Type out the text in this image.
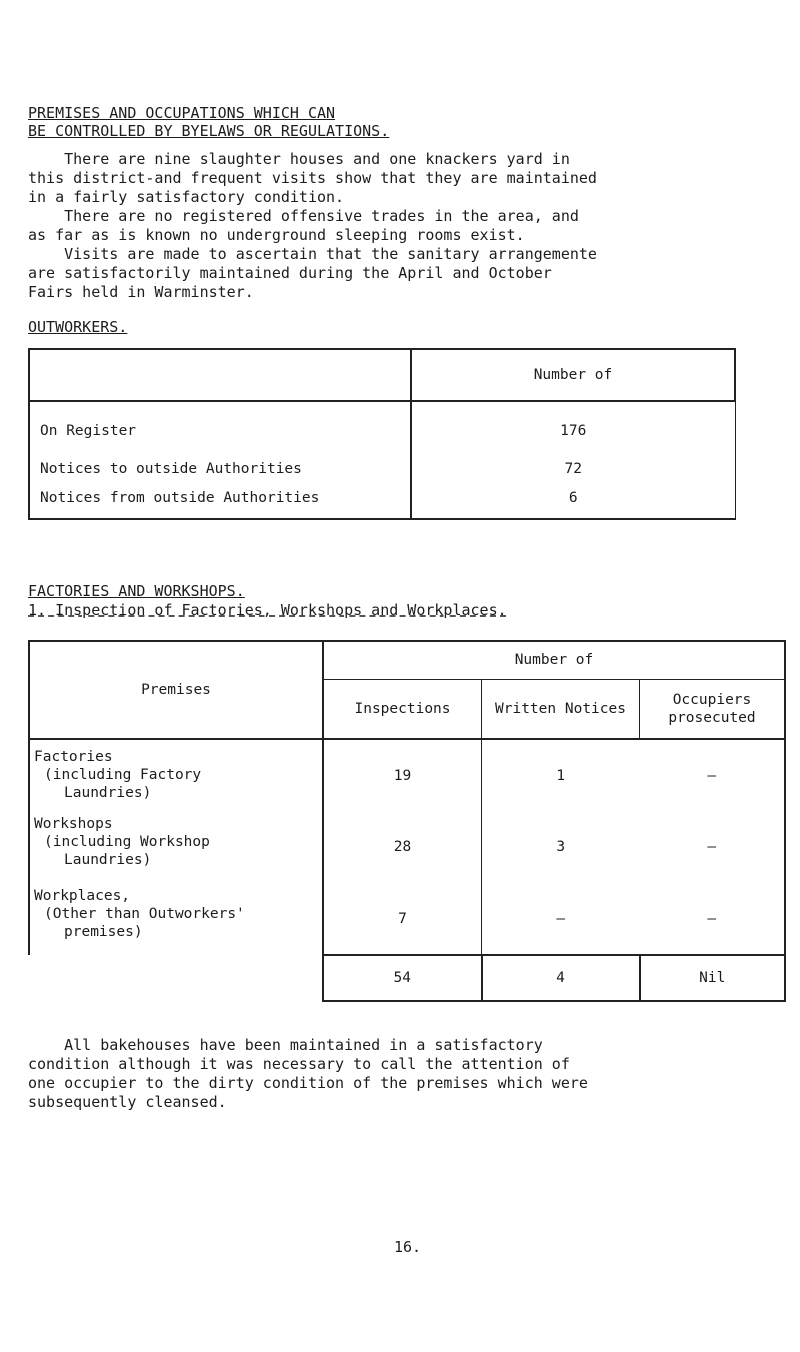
PREMISES AND OCCUPATIONS WHICH CAN
BE CONTROLLED BY BYELAWS OR REGULATIONS.
There are nine slaughter houses and one knackers yard in
this district-and frequent visits show that they are maintained
in a fairly satisfactory condition.
There are no registered offensive trades in the area, and
as far as is known no underground sleeping rooms exist.
Visits are made to ascertain that the sanitary arrangemente
are satisfactorily maintained during the April and October
Fairs held in Warminster.
OUTWORKERS.
	Number of
On Register	176
Notices to outside Authorities	72
Notices from outside Authorities	6
FACTORIES AND WORKSHOPS.
1. Inspection of Factories, Workshops and Workplaces.
Premises	Number of		
	Inspections	Written Notices	Occupiers prosecuted

Factories
(including Factory
Laundries)	19	1	–

Workshops
(including Workshop
Laundries)	28	3	–

Workplaces,
(Other than Outworkers'
premises)	7	–	–
	54	4	Nil
All bakehouses have been maintained in a satisfactory
condition although it was necessary to call the attention of
one occupier to the dirty condition of the premises which were
subsequently cleansed.
16.
